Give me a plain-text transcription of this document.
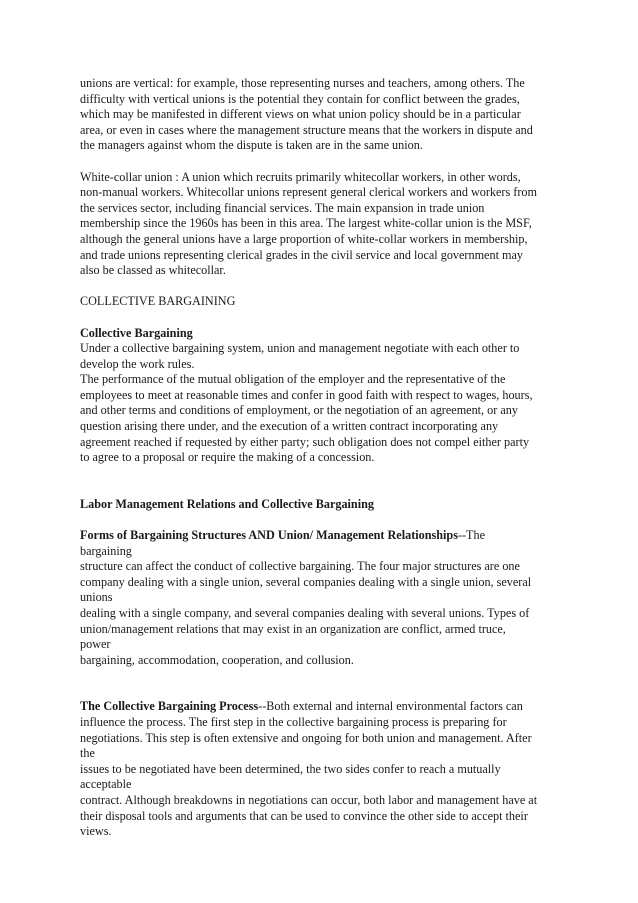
unions are vertical: for example, those representing nurses and teachers, among others. The
difficulty with vertical unions is the potential they contain for conflict between the grades,
which may be manifested in different views on what union policy should be in a particular
area, or even in cases where the management structure means that the workers in dispute and
the managers against whom the dispute is taken are in the same union.
White-collar union : A union which recruits primarily whitecollar workers, in other words,
non-manual workers. Whitecollar unions represent general clerical workers and workers from
the services sector, including financial services. The main expansion in trade union
membership since the 1960s has been in this area. The largest white-collar union is the MSF,
although the general unions have a large proportion of white-collar workers in membership,
and trade unions representing clerical grades in the civil service and local government may
also be classed as whitecollar.
COLLECTIVE BARGAINING
Collective Bargaining
Under a collective bargaining system, union and management negotiate with each other to
develop the work rules.
The performance of the mutual obligation of the employer and the representative of the
employees to meet at reasonable times and confer in good faith with respect to wages, hours,
and other terms and conditions of employment, or the negotiation of an agreement, or any
question arising there under, and the execution of a written contract incorporating any
agreement reached if requested by either party; such obligation does not compel either party
to agree to a proposal or require the making of a concession.
Labor Management Relations and Collective Bargaining
Forms of Bargaining Structures AND Union/ Management Relationships--The
bargaining
structure can affect the conduct of collective bargaining. The four major structures are one
company dealing with a single union, several companies dealing with a single union, several
unions
dealing with a single company, and several companies dealing with several unions. Types of
union/management relations that may exist in an organization are conflict, armed truce,
power
bargaining, accommodation, cooperation, and collusion.
The Collective Bargaining Process--Both external and internal environmental factors can
influence the process. The first step in the collective bargaining process is preparing for
negotiations. This step is often extensive and ongoing for both union and management. After
the
issues to be negotiated have been determined, the two sides confer to reach a mutually
acceptable
contract. Although breakdowns in negotiations can occur, both labor and management have at
their disposal tools and arguments that can be used to convince the other side to accept their
views.
